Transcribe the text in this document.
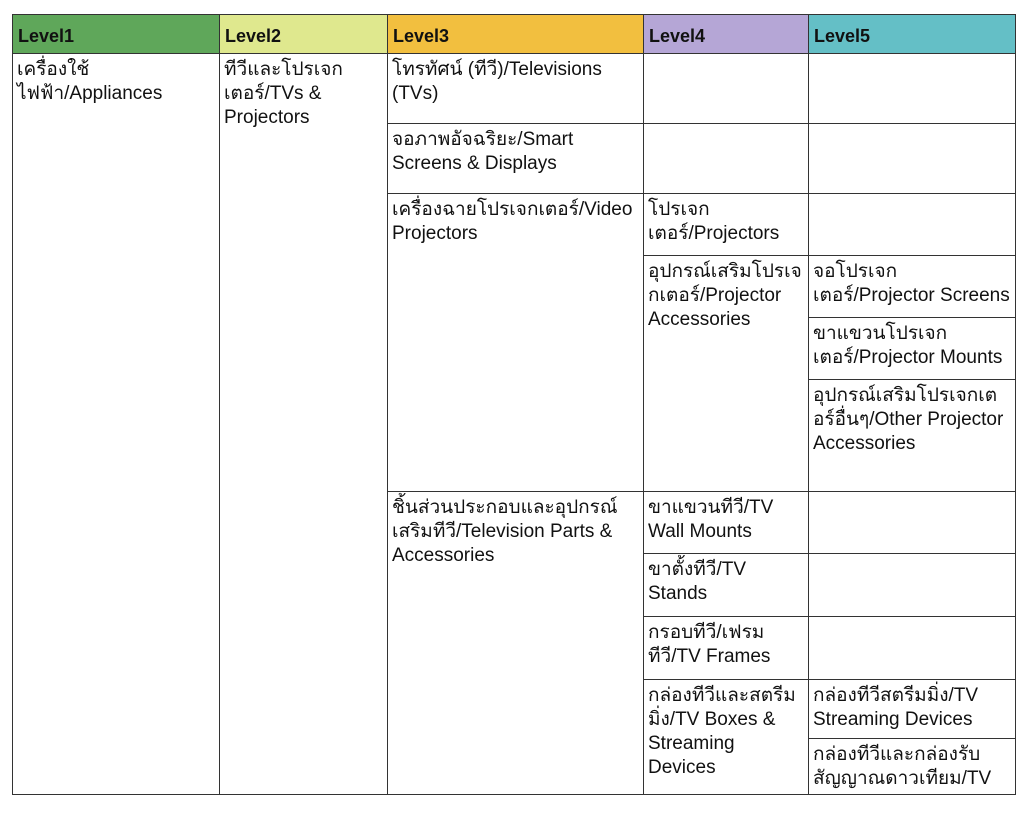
Level1	Level2	Level3	Level4	Level5

เครื่องใช้ไฟฟ้า/Appliances	ทีวีและโปรเจกเตอร์/TVs & Projectors	โทรทัศน์ (ทีวี)/Televisions (TVs)		

		จอภาพอัจฉริยะ/Smart Screens & Displays		

		เครื่องฉายโปรเจกเตอร์/Video Projectors	โปรเจกเตอร์/Projectors	

			อุปกรณ์เสริมโปรเจกเตอร์/Projector Accessories	จอโปรเจกเตอร์/Projector Screens

				ขาแขวนโปรเจกเตอร์/Projector Mounts

				อุปกรณ์เสริมโปรเจกเตอร์อื่นๆ/Other Projector Accessories

		ชิ้นส่วนประกอบและอุปกรณ์เสริมทีวี/Television Parts & Accessories	ขาแขวนทีวี/TV Wall Mounts	

			ขาตั้งทีวี/TV Stands	

			กรอบทีวี/เฟรมทีวี/TV Frames	

			กล่องทีวีและสตรีมมิ่ง/TV Boxes & Streaming Devices	กล่องทีวีสตรีมมิ่ง/TV Streaming Devices

				กล่องทีวีและกล่องรับสัญญาณดาวเทียม/TV
